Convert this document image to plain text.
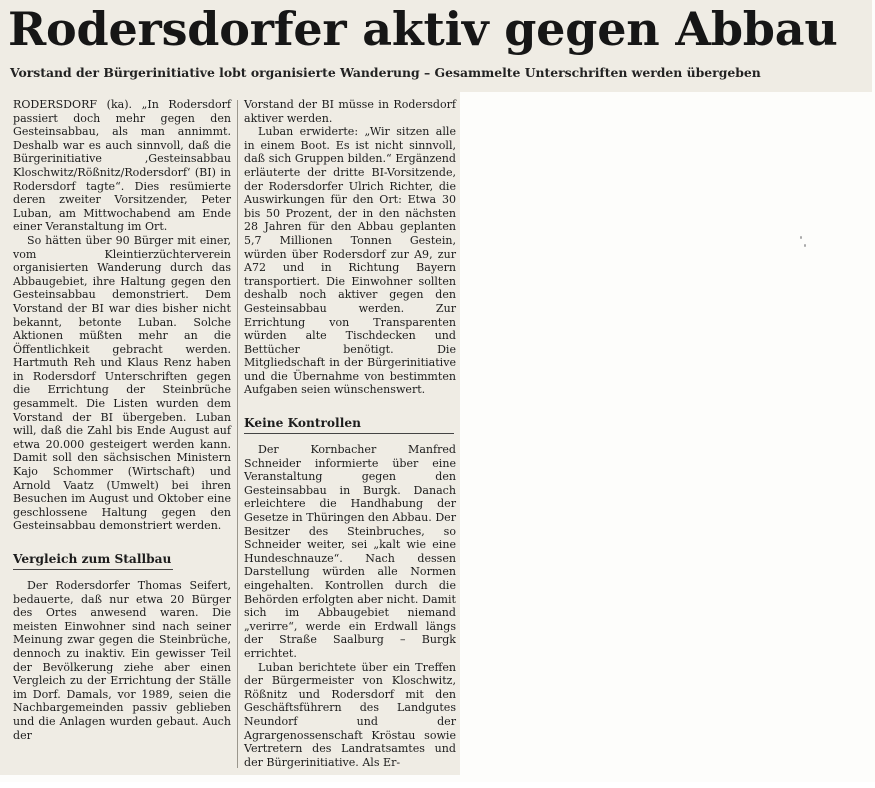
Rodersdorfer aktiv gegen Abbau
Vorstand der Bürgerinitiative lobt organisierte Wanderung – Gesammelte Unterschriften werden übergeben

RODERSDORF (ka). „In Rodersdorf passiert doch mehr gegen den Gesteinsabbau, als man annimmt. Deshalb war es auch sinnvoll, daß die Bürgerinitiative ‚Gesteinsabbau Kloschwitz/Rößnitz/Rodersdorf‘ (BI) in Rodersdorf tagte“. Dies resümierte deren zweiter Vorsitzender, Peter Luban, am Mittwochabend am Ende einer Veranstaltung im Ort.

So hätten über 90 Bürger mit einer, vom Kleintierzüchterverein organisierten Wanderung durch das Abbaugebiet, ihre Haltung gegen den Gesteinsabbau demonstriert. Dem Vorstand der BI war dies bisher nicht bekannt, betonte Luban. Solche Aktionen müßten mehr an die Öffentlichkeit gebracht werden. Hartmuth Reh und Klaus Renz haben in Rodersdorf Unterschriften gegen die Errichtung der Steinbrüche gesammelt. Die Listen wurden dem Vorstand der BI übergeben. Luban will, daß die Zahl bis Ende August auf etwa 20.000 gesteigert werden kann. Damit soll den sächsischen Ministern Kajo Schommer (Wirtschaft) und Arnold Vaatz (Umwelt) bei ihren Besuchen im August und Oktober eine geschlossene Haltung gegen den Gesteinsabbau demonstriert werden.

Vergleich zum Stallbau

Der Rodersdorfer Thomas Seifert, bedauerte, daß nur etwa 20 Bürger des Ortes anwesend waren. Die meisten Einwohner sind nach seiner Meinung zwar gegen die Steinbrüche, dennoch zu inaktiv. Ein gewisser Teil der Bevölkerung ziehe aber einen Vergleich zu der Errichtung der Ställe im Dorf. Damals, vor 1989, seien die Nachbargemeinden passiv geblieben und die Anlagen wurden gebaut. Auch der

Vorstand der BI müsse in Rodersdorf aktiver werden.

Luban erwiderte: „Wir sitzen alle in einem Boot. Es ist nicht sinnvoll, daß sich Gruppen bilden.“ Ergänzend erläuterte der dritte BI-Vorsitzende, der Rodersdorfer Ulrich Richter, die Auswirkungen für den Ort: Etwa 30 bis 50 Prozent, der in den nächsten 28 Jahren für den Abbau geplanten 5,7 Millionen Tonnen Gestein, würden über Rodersdorf zur A9, zur A72 und in Richtung Bayern transportiert. Die Einwohner sollten deshalb noch aktiver gegen den Gesteinsabbau werden. Zur Errichtung von Transparenten würden alte Tischdecken und Bettücher benötigt. Die Mitgliedschaft in der Bürgerinitiative und die Übernahme von bestimmten Aufgaben seien wünschenswert.

Keine Kontrollen

Der Kornbacher Manfred Schneider informierte über eine Veranstaltung gegen den Gesteinsabbau in Burgk. Danach erleichtere die Handhabung der Gesetze in Thüringen den Abbau. Der Besitzer des Steinbruches, so Schneider weiter, sei „kalt wie eine Hundeschnauze“. Nach dessen Darstellung würden alle Normen eingehalten. Kontrollen durch die Behörden erfolgten aber nicht. Damit sich im Abbaugebiet niemand „verirre“, werde ein Erdwall längs der Straße Saalburg – Burgk errichtet.

Luban berichtete über ein Treffen der Bürgermeister von Kloschwitz, Rößnitz und Rodersdorf mit den Geschäftsführern des Landgutes Neundorf und der Agrargenossenschaft Kröstau sowie Vertretern des Landratsamtes und der Bürgerinitiative. Als Er-
